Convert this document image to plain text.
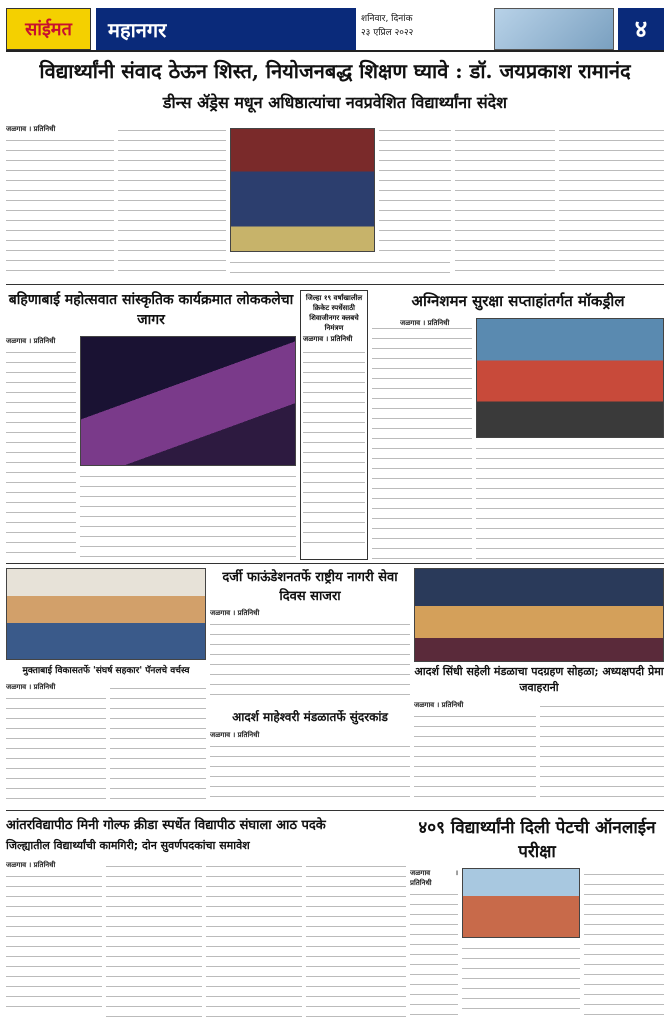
सांईमत	महानगर	शनिवार, दिनांक
२३ एप्रिल २०२२	४
विद्यार्थ्यांनी संवाद ठेऊन शिस्त, नियोजनबद्ध शिक्षण घ्यावे : डॉ. जयप्रकाश रामानंद
डीन्स ॲड्रेस मधून अधिष्ठात्यांचा नवप्रवेशित विद्यार्थ्यांना संदेश
जळगाव । प्रतिनिधी
बहिणाबाई महोत्सवात सांस्कृतिक कार्यक्रमात लोककलेचा जागर
जळगाव । प्रतिनिधी
जिल्हा १९ वर्षांखालील क्रिकेट स्पर्धेसाठी शिवाजीनगर क्लबचे निमंत्रण
जळगाव । प्रतिनिधी
अग्निशमन सुरक्षा सप्ताहांतर्गत मॉकड्रील
जळगाव । प्रतिनिधी
मुक्ताबाई विकासतर्फे 'संघर्ष सहकार' पॅनलचे वर्चस्व
जळगाव । प्रतिनिधी
दर्जी फाऊंडेशनतर्फे राष्ट्रीय नागरी सेवा दिवस साजरा
जळगाव । प्रतिनिधी
आदर्श माहेश्वरी मंडळातर्फे सुंदरकांड
जळगाव । प्रतिनिधी
आदर्श सिंधी सहेली मंडळाचा पदग्रहण सोहळा; अध्यक्षपदी प्रेमा जवाहरानी
जळगाव । प्रतिनिधी
आंतरविद्यापीठ मिनी गोल्फ क्रीडा स्पर्धेत विद्यापीठ संघाला आठ पदके
जिल्ह्यातील विद्यार्थ्यांची कामगिरी; दोन सुवर्णपदकांचा समावेश
जळगाव । प्रतिनिधी
४०९ विद्यार्थ्यांनी दिली पेटची ऑनलाईन परीक्षा
जळगाव । प्रतिनिधी
